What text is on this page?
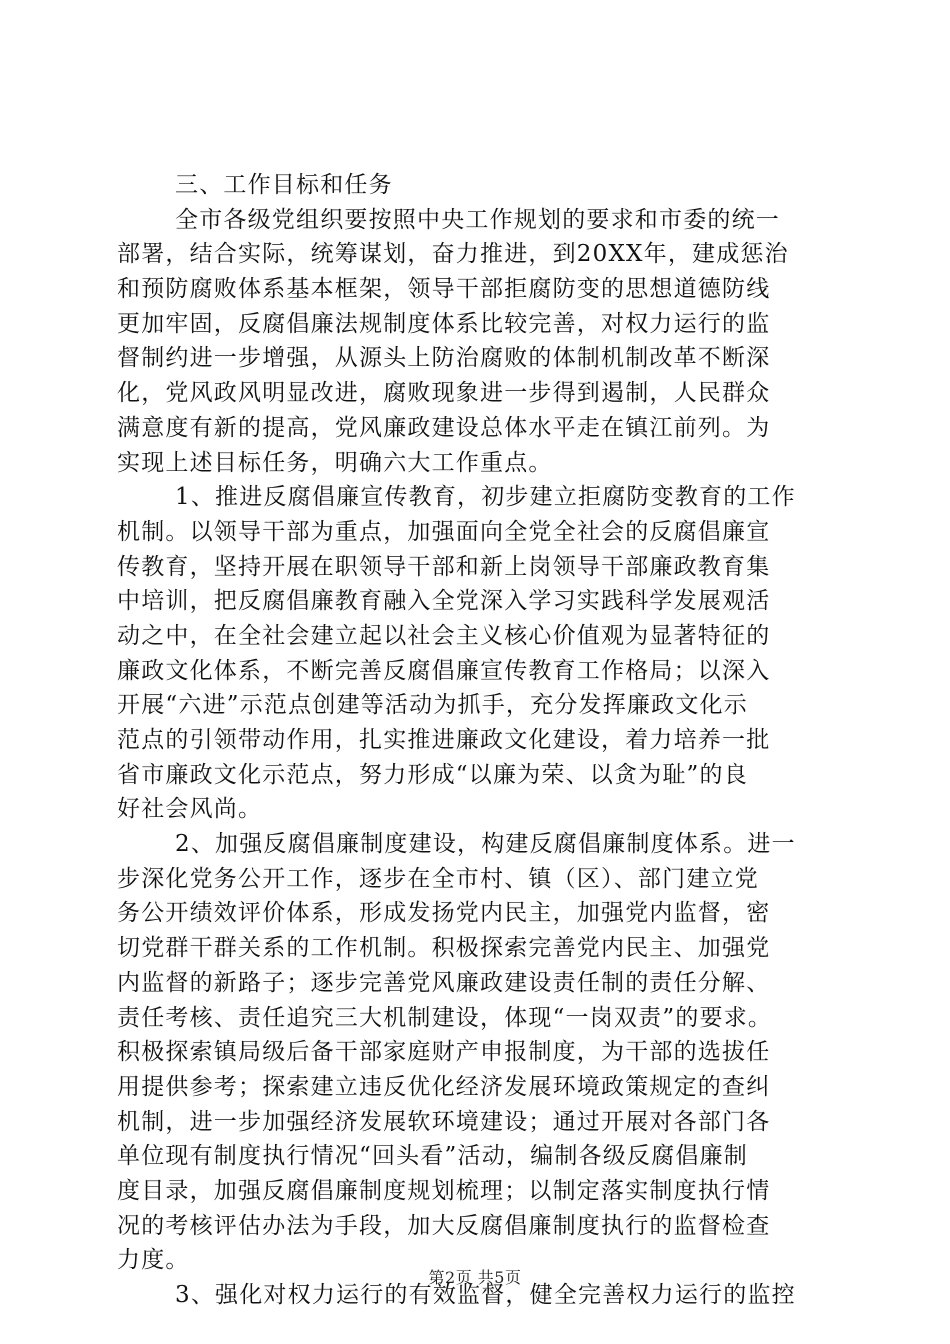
三、工作目标和任务
全市各级党组织要按照中央工作规划的要求和市委的统一
部署，结合实际，统筹谋划，奋力推进，到20XX年，建成惩治
和预防腐败体系基本框架，领导干部拒腐防变的思想道德防线
更加牢固，反腐倡廉法规制度体系比较完善，对权力运行的监
督制约进一步增强，从源头上防治腐败的体制机制改革不断深
化，党风政风明显改进，腐败现象进一步得到遏制，人民群众
满意度有新的提高，党风廉政建设总体水平走在镇江前列。为
实现上述目标任务，明确六大工作重点。
1、推进反腐倡廉宣传教育，初步建立拒腐防变教育的工作
机制。以领导干部为重点，加强面向全党全社会的反腐倡廉宣
传教育，坚持开展在职领导干部和新上岗领导干部廉政教育集
中培训，把反腐倡廉教育融入全党深入学习实践科学发展观活
动之中，在全社会建立起以社会主义核心价值观为显著特征的
廉政文化体系，不断完善反腐倡廉宣传教育工作格局；以深入
开展“六进”示范点创建等活动为抓手，充分发挥廉政文化示
范点的引领带动作用，扎实推进廉政文化建设，着力培养一批
省市廉政文化示范点，努力形成“以廉为荣、以贪为耻”的良
好社会风尚。
2、加强反腐倡廉制度建设，构建反腐倡廉制度体系。进一
步深化党务公开工作，逐步在全市村、镇（区）、部门建立党
务公开绩效评价体系，形成发扬党内民主，加强党内监督，密
切党群干群关系的工作机制。积极探索完善党内民主、加强党
内监督的新路子；逐步完善党风廉政建设责任制的责任分解、
责任考核、责任追究三大机制建设，体现“一岗双责”的要求。
积极探索镇局级后备干部家庭财产申报制度，为干部的选拔任
用提供参考；探索建立违反优化经济发展环境政策规定的查纠
机制，进一步加强经济发展软环境建设；通过开展对各部门各
单位现有制度执行情况“回头看”活动，编制各级反腐倡廉制
度目录，加强反腐倡廉制度规划梳理；以制定落实制度执行情
况的考核评估办法为手段，加大反腐倡廉制度执行的监督检查
力度。
3、强化对权力运行的有效监督，健全完善权力运行的监控
第2页 共5页
